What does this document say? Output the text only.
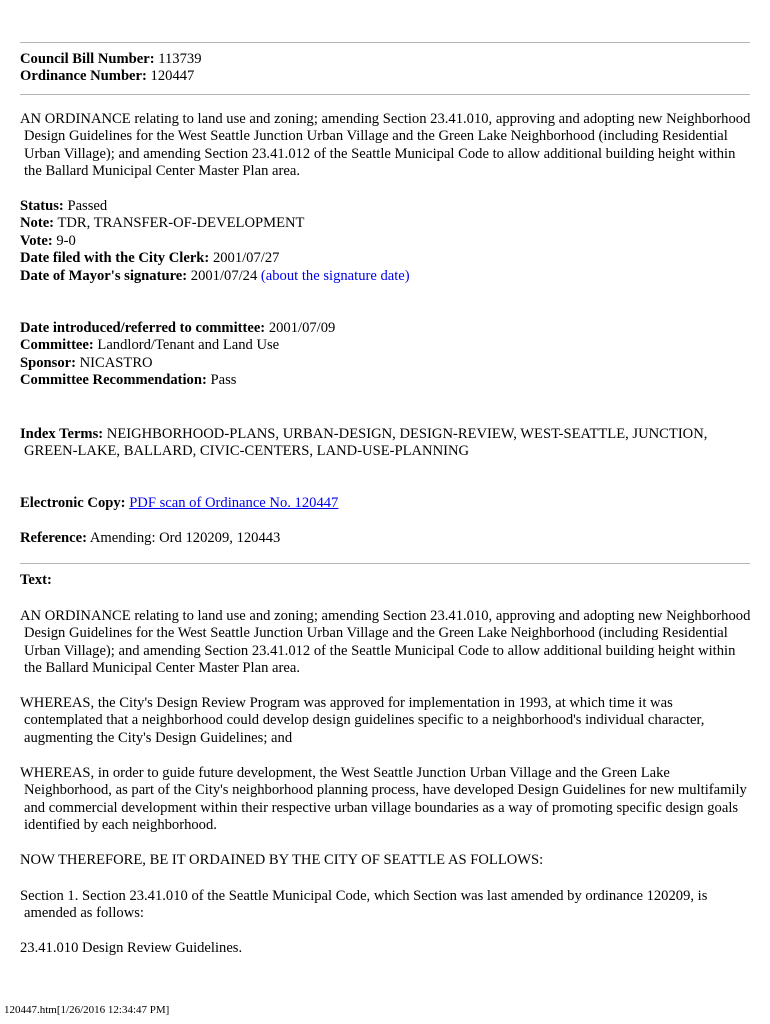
Council Bill Number: 113739
Ordinance Number: 120447
AN ORDINANCE relating to land use and zoning; amending Section 23.41.010, approving and adopting new Neighborhood Design Guidelines for the West Seattle Junction Urban Village and the Green Lake Neighborhood (including Residential Urban Village); and amending Section 23.41.012 of the Seattle Municipal Code to allow additional building height within the Ballard Municipal Center Master Plan area.
Status: Passed
Note: TDR, TRANSFER-OF-DEVELOPMENT
Vote: 9-0
Date filed with the City Clerk: 2001/07/27
Date of Mayor's signature: 2001/07/24 (about the signature date)
Date introduced/referred to committee: 2001/07/09
Committee: Landlord/Tenant and Land Use
Sponsor: NICASTRO
Committee Recommendation: Pass
Index Terms: NEIGHBORHOOD-PLANS, URBAN-DESIGN, DESIGN-REVIEW, WEST-SEATTLE, JUNCTION, GREEN-LAKE, BALLARD, CIVIC-CENTERS, LAND-USE-PLANNING
Electronic Copy: PDF scan of Ordinance No. 120447
Reference: Amending: Ord 120209, 120443
Text:
AN ORDINANCE relating to land use and zoning; amending Section 23.41.010, approving and adopting new Neighborhood Design Guidelines for the West Seattle Junction Urban Village and the Green Lake Neighborhood (including Residential Urban Village); and amending Section 23.41.012 of the Seattle Municipal Code to allow additional building height within the Ballard Municipal Center Master Plan area.
WHEREAS, the City's Design Review Program was approved for implementation in 1993, at which time it was contemplated that a neighborhood could develop design guidelines specific to a neighborhood's individual character, augmenting the City's Design Guidelines; and
WHEREAS, in order to guide future development, the West Seattle Junction Urban Village and the Green Lake Neighborhood, as part of the City's neighborhood planning process, have developed Design Guidelines for new multifamily and commercial development within their respective urban village boundaries as a way of promoting specific design goals identified by each neighborhood.
NOW THEREFORE, BE IT ORDAINED BY THE CITY OF SEATTLE AS FOLLOWS:
Section 1. Section 23.41.010 of the Seattle Municipal Code, which Section was last amended by ordinance 120209, is amended as follows:
23.41.010 Design Review Guidelines.
120447.htm[1/26/2016 12:34:47 PM]
